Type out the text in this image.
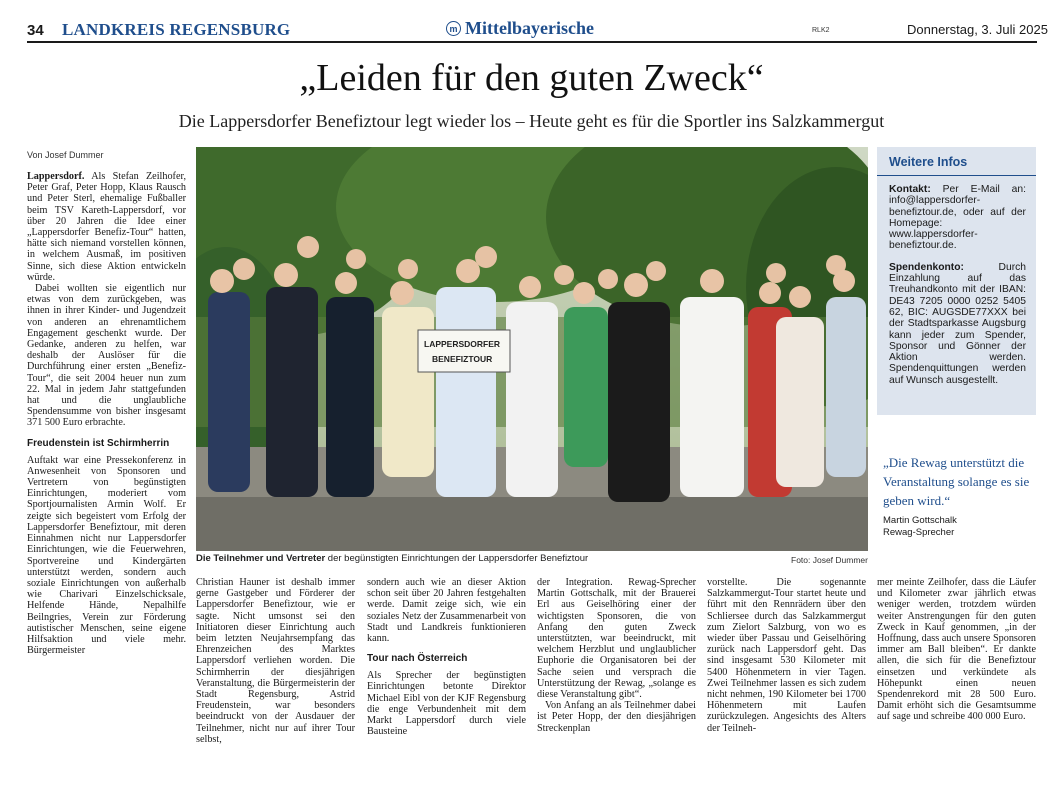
34 LANDKREIS REGENSBURG	m Mittelbayerische	RLK2	Donnerstag, 3. Juli 2025
„Leiden für den guten Zweck“
Die Lappersdorfer Benefiztour legt wieder los – Heute geht es für die Sportler ins Salzkammergut
Von Josef Dummer

Lappersdorf. Als Stefan Zeilhofer, Peter Graf, Peter Hopp, Klaus Rausch und Peter Sterl, ehemalige Fußballer beim TSV Kareth-Lappersdorf, vor über 20 Jahren die Idee einer „Lappersdorfer Benefiz-Tour“ hatten, hätte sich niemand vorstellen können, in welchem Ausmaß, im positiven Sinne, sich diese Aktion entwickeln würde.

Dabei wollten sie eigentlich nur etwas von dem zurückgeben, was ihnen in ihrer Kinder- und Jugendzeit von anderen an ehrenamtlichem Engagement geschenkt wurde. Der Gedanke, anderen zu helfen, war deshalb der Auslöser für die Durchführung einer ersten „Benefiz-Tour“, die seit 2004 heuer nun zum 22. Mal in jedem Jahr stattgefunden hat und die unglaubliche Spendensumme von bisher insgesamt 371 500 Euro erbrachte.

Freudenstein ist Schirmherrin

Auftakt war eine Pressekonferenz in Anwesenheit von Sponsoren und Vertretern von begünstigten Einrichtungen, moderiert vom Sportjournalisten Armin Wolf. Er zeigte sich begeistert vom Erfolg der Lappersdorfer Benefiztour, mit deren Einnahmen nicht nur Lappersdorfer Einrichtungen, wie die Feuerwehren, Sportvereine und Kindergärten unterstützt werden, sondern auch soziale Einrichtungen von außerhalb wie Charivari Einzelschicksale, Helfende Hände, Nepalhilfe Beilngries, Verein zur Förderung autistischer Menschen, seine eigene Hilfsaktion und viele mehr. Bürgermeister

LAPPERSDORFER
BENEFIZTOUR
Die Teilnehmer und Vertreter der begünstigten Einrichtungen der Lappersdorfer Benefiztour	Foto: Josef Dummer
Weitere Infos

Kontakt: Per E-Mail an: info@lappersdorfer-benefiztour.de, oder auf der Homepage: www.lappersdorfer-benefiztour.de.

Spendenkonto: Durch Einzahlung auf das Treuhandkonto mit der IBAN: DE43 7205 0000 0252 5405 62, BIC: AUGSDE77XXX bei der Stadtsparkasse Augsburg kann jeder zum Spender, Sponsor und Gönner der Aktion werden. Spendenquittungen werden auf Wunsch ausgestellt.

„Die Rewag unterstützt die Veranstaltung solange es sie geben wird.“
Martin Gottschalk
Rewag-Sprecher

Christian Hauner ist deshalb immer gerne Gastgeber und Förderer der Lappersdorfer Benefiztour, wie er sagte. Nicht umsonst sei den Initiatoren dieser Einrichtung auch beim letzten Neujahrsempfang das Ehrenzeichen des Marktes Lappersdorf verliehen worden. Die Schirmherrin der diesjährigen Veranstaltung, die Bürgermeisterin der Stadt Regensburg, Astrid Freudenstein, war besonders beeindruckt von der Ausdauer der Teilnehmer, nicht nur auf ihrer Tour selbst,

sondern auch wie an dieser Aktion schon seit über 20 Jahren festgehalten werde. Damit zeige sich, wie ein soziales Netz der Zusammenarbeit von Stadt und Landkreis funktionieren kann.

Tour nach Österreich

Als Sprecher der begünstigten Einrichtungen betonte Direktor Michael Eibl von der KJF Regensburg die enge Verbundenheit mit dem Markt Lappersdorf durch viele Bausteine

der Integration. Rewag-Sprecher Martin Gottschalk, mit der Brauerei Erl aus Geiselhöring einer der wichtigsten Sponsoren, die von Anfang den guten Zweck unterstützten, war beeindruckt, mit welchem Herzblut und unglaublicher Euphorie die Organisatoren bei der Sache seien und versprach die Unterstützung der Rewag, „solange es diese Veranstaltung gibt“.

Von Anfang an als Teilnehmer dabei ist Peter Hopp, der den diesjährigen Streckenplan

vorstellte. Die sogenannte Salzkammergut-Tour startet heute und führt mit den Rennrädern über den Schliersee durch das Salzkammergut zum Zielort Salzburg, von wo es wieder über Passau und Geiselhöring zurück nach Lappersdorf geht. Das sind insgesamt 530 Kilometer mit 5400 Höhenmetern in vier Tagen. Zwei Teilnehmer lassen es sich zudem nicht nehmen, 190 Kilometer bei 1700 Höhenmetern mit Laufen zurückzulegen. Angesichts des Alters der Teilneh-

mer meinte Zeilhofer, dass die Läufer und Kilometer zwar jährlich etwas weniger werden, trotzdem würden weiter Anstrengungen für den guten Zweck in Kauf genommen, „in der Hoffnung, dass auch unsere Sponsoren immer am Ball bleiben“. Er dankte allen, die sich für die Benefiztour einsetzen und verkündete als Höhepunkt einen neuen Spendenrekord mit 28 500 Euro. Damit erhöht sich die Gesamtsumme auf sage und schreibe 400 000 Euro.
